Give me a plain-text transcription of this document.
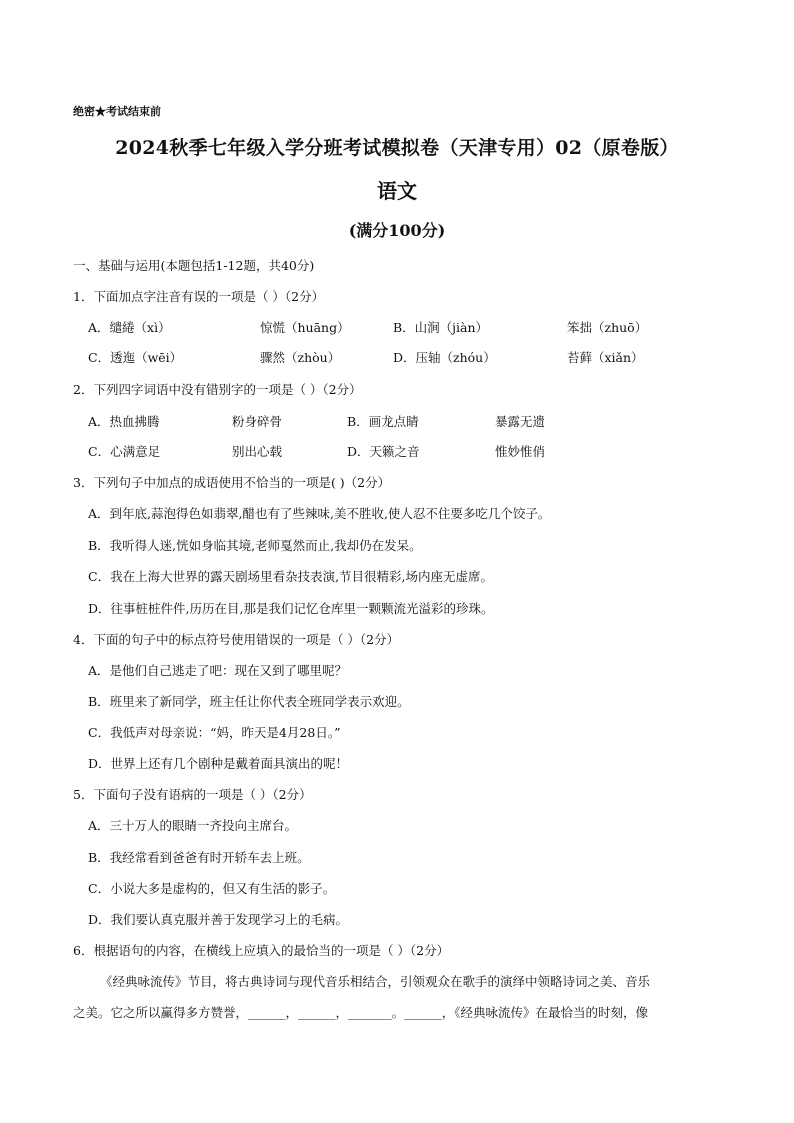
绝密★考试结束前
2024秋季七年级入学分班考试模拟卷（天津专用）02（原卷版）
语文
(满分100分)
一、基础与运用(本题包括1-12题，共40分)
1．下面加点字注音有误的一项是（ ）（2分）
A．缱綣（xì）	惊慌（huāng）	B．山涧（jiàn）	笨拙（zhuō）
C．透迤（wēi）	骤然（zhòu）	D．压轴（zhóu）	苔藓（xiǎn）
2．下列四字词语中没有错别字的一项是（ ）（2分）
A．热血拂腾	粉身碎骨	B．画龙点睛	暴露无遗
C．心满意足	别出心载	D．天籁之音	惟妙惟俏
3．下列句子中加点的成语使用不恰当的一项是( )（2分）
A．到年底,蒜泡得色如翡翠,醋也有了些辣味,美不胜收,使人忍不住要多吃几个饺子。
B．我听得人迷,恍如身临其境,老师戛然而止,我却仍在发呆。
C．我在上海大世界的露天剧场里看杂技表演,节目很精彩,场内座无虚席。
D．往事桩桩件件,历历在目,那是我们记忆仓库里一颗颗流光溢彩的珍珠。
4．下面的句子中的标点符号使用错误的一项是（ ）（2分）
A．是他们自己逃走了吧：现在又到了哪里呢？
B．班里来了新同学，班主任让你代表全班同学表示欢迎。
C．我低声对母亲说：“妈，昨天是4月28日。”
D．世界上还有几个剧种是戴着面具演出的呢！
5．下面句子没有语病的一项是（ ）（2分）
A．三十万人的眼睛一齐投向主席台。
B．我经常看到爸爸有时开轿车去上班。
C．小说大多是虚构的，但又有生活的影子。
D．我们要认真克服并善于发现学习上的毛病。
6．根据语句的内容，在横线上应填入的最恰当的一项是（ ）（2分）
《经典咏流传》节目，将古典诗词与现代音乐相结合，引领观众在歌手的演绎中领略诗词之美、音乐
之美。它之所以赢得多方赞誉，______，______，_______。______，《经典咏流传》在最恰当的时刻，像
